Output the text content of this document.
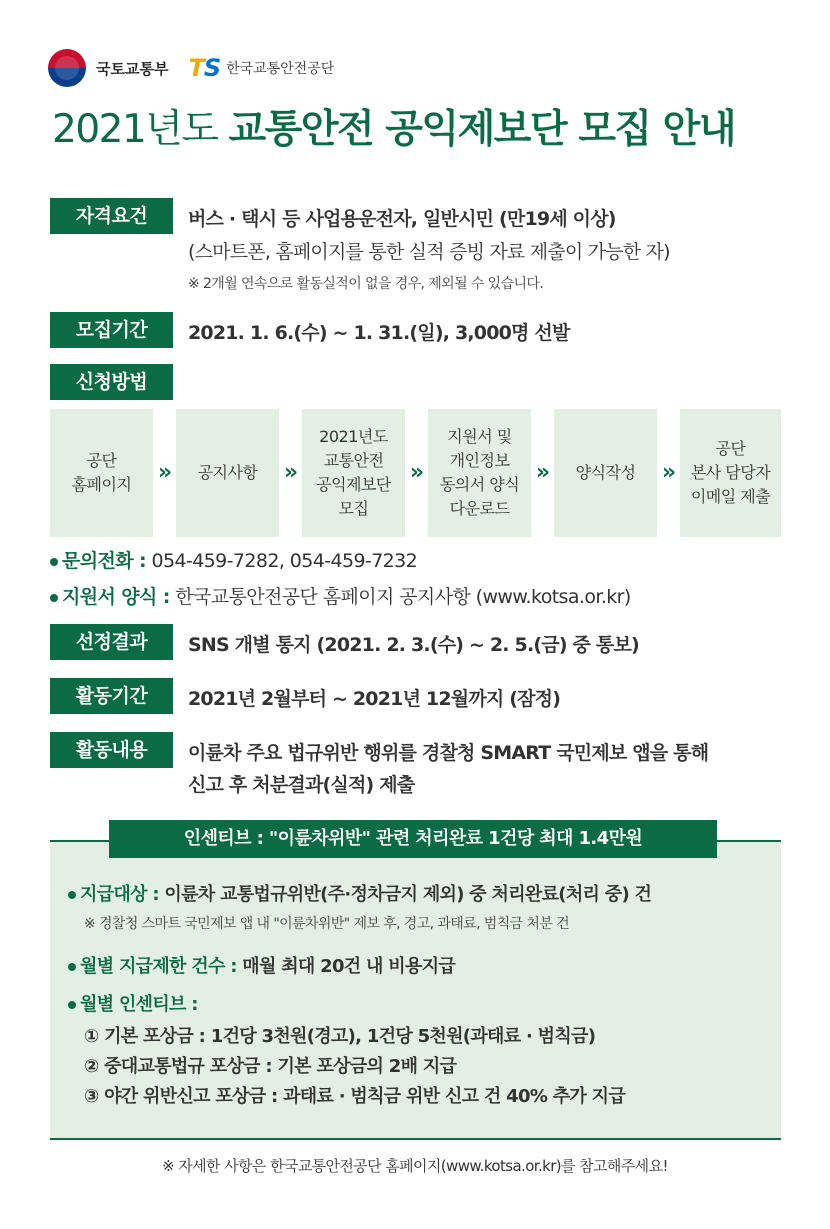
국토교통부 TS 한국교통안전공단
2021년도 교통안전 공익제보단 모집 안내
자격요건	버스 · 택시 등 사업용운전자, 일반시민 (만19세 이상)
(스마트폰, 홈페이지를 통한 실적 증빙 자료 제출이 가능한 자)
※ 2개월 연속으로 활동실적이 없을 경우, 제외될 수 있습니다.
모집기간	2021. 1. 6.(수) ~ 1. 31.(일), 3,000명 선발
신청방법
공단
홈페이지 » 공지사항 »
2021년도
교통안전
공익제보단
모집
»
지원서 및
개인정보
동의서 양식
다운로드
» 양식작성 »
공단
본사 담당자
이메일 제출
문의전화 : 054-459-7282, 054-459-7232
지원서 양식 : 한국교통안전공단 홈페이지 공지사항 (www.kotsa.or.kr)
선정결과	SNS 개별 통지 (2021. 2. 3.(수) ~ 2. 5.(금) 중 통보)
활동기간	2021년 2월부터 ~ 2021년 12월까지 (잠정)
활동내용	이륜차 주요 법규위반 행위를 경찰청 SMART 국민제보 앱을 통해
신고 후 처분결과(실적) 제출
인센티브 : "이륜차위반" 관련 처리완료 1건당 최대 1.4만원
지급대상 : 이륜차 교통법규위반(주·정차금지 제외) 중 처리완료(처리 중) 건
※ 경찰청 스마트 국민제보 앱 내 "이륜차위반" 제보 후, 경고, 과태료, 범칙금 처분 건
월별 지급제한 건수 : 매월 최대 20건 내 비용지급
월별 인센티브 :
① 기본 포상금 : 1건당 3천원(경고), 1건당 5천원(과태료 · 범칙금)
② 중대교통법규 포상금 : 기본 포상금의 2배 지급
③ 야간 위반신고 포상금 : 과태료 · 범칙금 위반 신고 건 40% 추가 지급
※ 자세한 사항은 한국교통안전공단 홈페이지(www.kotsa.or.kr)를 참고해주세요!
